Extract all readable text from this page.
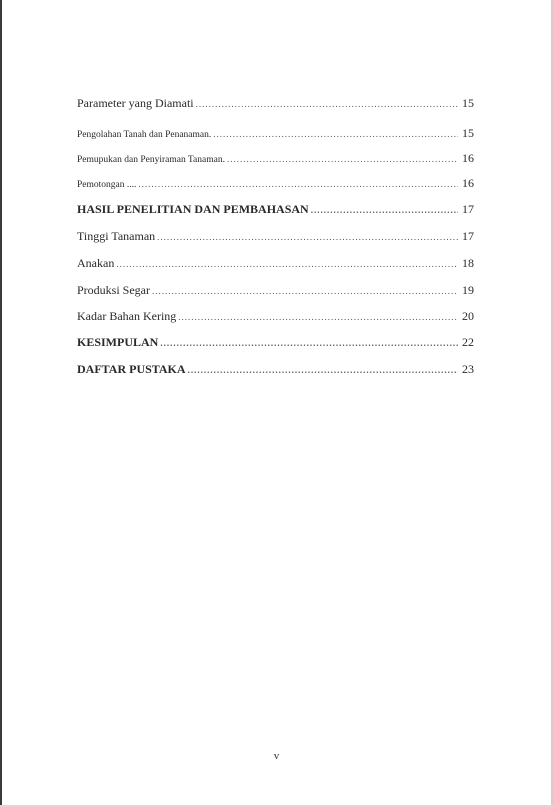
Parameter yang Diamati .....	15
Pengolahan Tanah dan Penanaman. .....	15
Pemupukan dan Penyiraman Tanaman. .....	16
Pemotongan .... .....	16
HASIL PENELITIAN DAN PEMBAHASAN .....	17
Tinggi Tanaman .....	17
Anakan .....	18
Produksi Segar .....	19
Kadar Bahan Kering .....	20
KESIMPULAN .....	22
DAFTAR PUSTAKA .....	23
v
